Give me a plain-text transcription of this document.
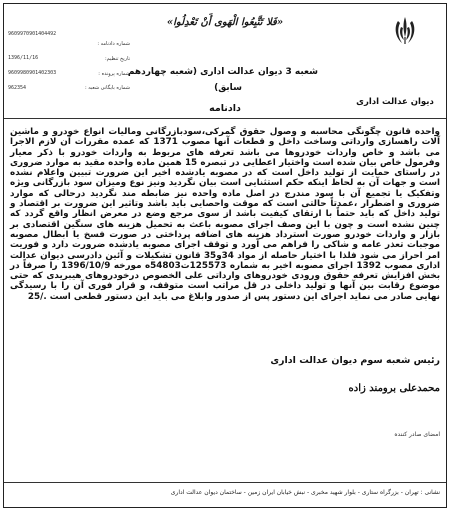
«فَلا تَتَّبِعُوا الْهَوى أَنْ تَعْدِلُوا»
شعبه 3 دیوان عدالت اداری (شعبه چهاردهم
سابق)
دیوان عدالت اداری
دادنامه
9609970901404492
شماره دادنامه :
1396/11/16	تاریخ تنظیم:
9609980901402303	شماره پرونده :
962354	شماره بایگانی شعبه :
واحده قانون چگونگی محاسبه و وصول حقوق گمرکی،سودبازرگانی ومالیات انواع خودرو و ماشین آلات راهسازی وارداتی وساخت داخل و قطعات آنها مصوب 1371 که عمده مقررات آن لازم الاجرا می باشد و خاص واردات خودروها می باشد تعرفه های مربوط به واردات خودرو با ذکر معیار وفرمول خاص بیان شده است واختیار اعطایی در تبصره 15 همین ماده واحده مقید به موارد ضروری در راستای حمایت از تولید داخل است که در مصوبه یادشده اخیر این ضرورت تبیین واعلام نشده است و جهات آن به لحاظ اینکه حکم استثنایی است بیان نگردید ونیز نوع ومیزان سود بازرگانی ویژه وتفکیک یا تجمیع آن با سود مندرج در اصل ماده واحده نیز ضابطه مند نگردید درحالی که موارد ضروری و اضطرار ،عمدتاً حالتی است که موقت واحصایی باید باشد وتاثیر این ضرورت بر اقتصاد و تولید داخل که باید حتماً با ارتقای کیفیت باشد از سوی مرجع وضع در معرض انظار واقع گردد که چنین نشده است و چون با این وصف اجرای مصوبه باعث به تحمیل هزینه های سنگین اقتصادی بر بازار و واردات خودرو صورت استرداد هزینه های اضافه پرداختی در صورت فسخ یا ابطال مصوبه موجبات تعذر عامه و شاکی را فراهم می آورد و توقف اجرای مصوبه یادشده ضرورت دارد و فوریت امر احراز می شود فلذا با اختیار حاصله از مواد 34و35 قانون تشکیلات و آئین دادرسی دیوان عدالت اداری مصوب 1392 اجرای مصوبه اخیر به شماره 125573ت54803ه مورخه 1396/10/9 را صرفاً در بخش افزایش تعرفه حقوق ورودی خودروهای وارداتی علی الخصوص درخودروهای هیبریدی که حتی موضوع رقابت بین آنها و تولید داخلی در قل مراتب است متوقف، و قرار فوری آن را با رسیدگی نهایی صادر می نماید اجرای این دستور پس از صدور وابلاغ می باید این دستور قطعی است ./25
رئیس شعبه سوم دیوان عدالت اداری
محمدعلی برومند زاده
امضای صادر کننده
نشانی : تهران - بزرگراه ستاری - بلوار شهید مخبری - نبش خیابان ایران زمین - ساختمان دیوان عدالت اداری
